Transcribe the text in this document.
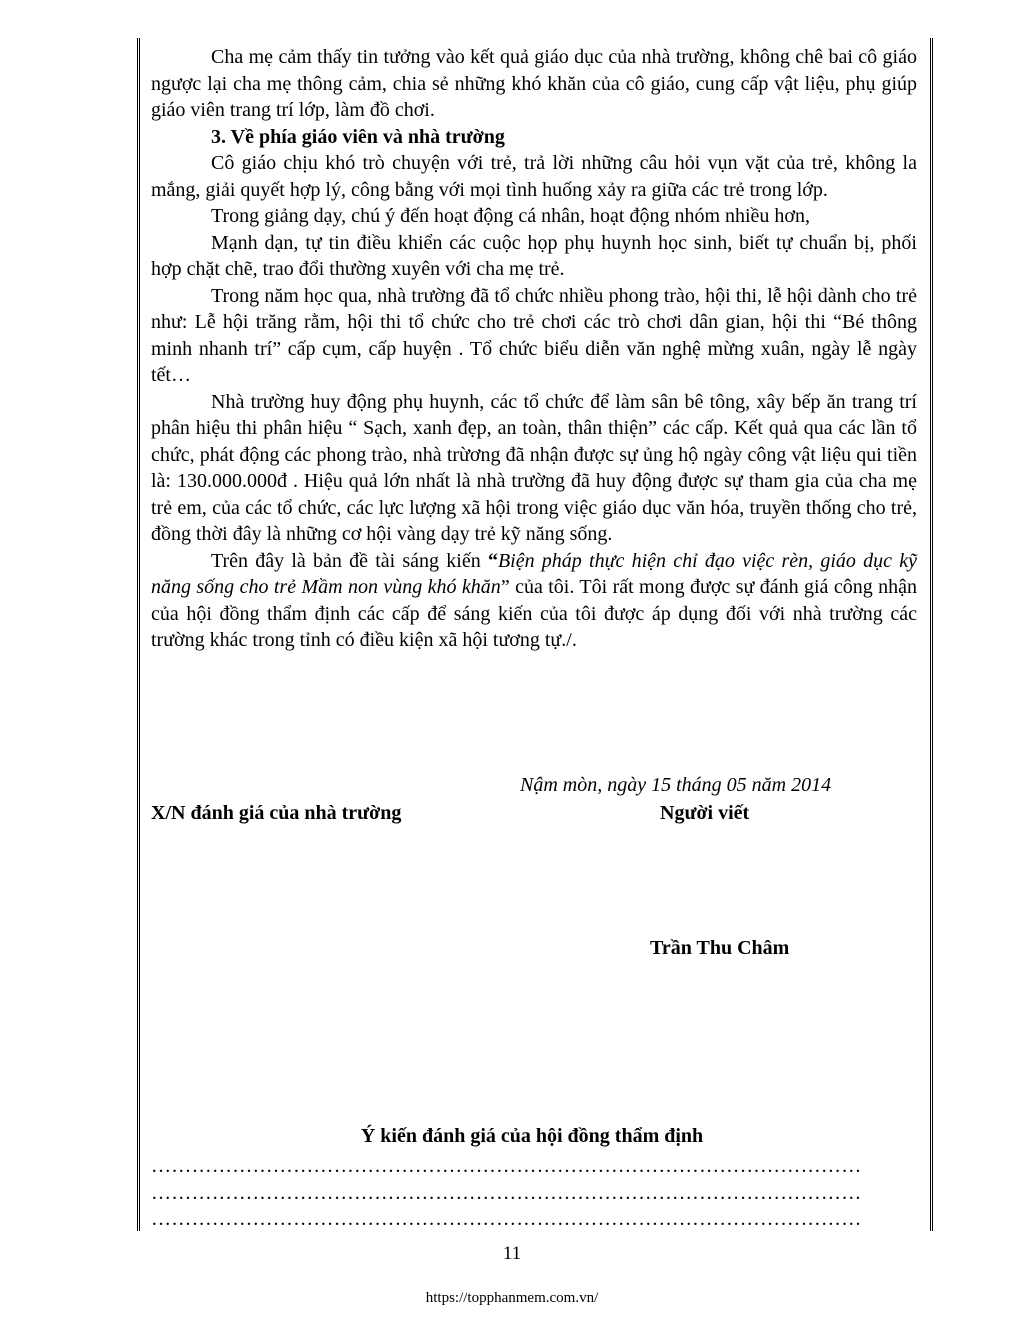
Cha mẹ cảm thấy tin tưởng vào kết quả giáo dục của nhà trường, không chê bai cô giáo ngược lại cha mẹ thông cảm, chia sẻ những khó khăn của cô giáo, cung cấp vật liệu, phụ giúp giáo viên trang trí lớp, làm đồ chơi.

3. Về phía giáo viên và nhà trường

Cô giáo chịu khó trò chuyện với trẻ, trả lời những câu hỏi vụn vặt của trẻ, không la mắng, giải quyết hợp lý, công bằng với mọi tình huống xảy ra giữa các trẻ trong lớp.

Trong giảng dạy, chú ý đến hoạt động cá nhân, hoạt động nhóm nhiều hơn,

Mạnh dạn, tự tin điều khiển các cuộc họp phụ huynh học sinh, biết tự chuẩn bị, phối hợp chặt chẽ, trao đổi thường xuyên với cha mẹ trẻ.

Trong năm học qua, nhà trường đã tổ chức nhiều phong trào, hội thi, lễ hội dành cho trẻ như: Lễ hội trăng rằm, hội thi tổ chức cho trẻ chơi các trò chơi dân gian, hội thi “Bé thông minh nhanh trí” cấp cụm, cấp huyện . Tổ chức biểu diễn văn nghệ mừng xuân, ngày lễ ngày tết…

Nhà trường huy động phụ huynh, các tổ chức để làm sân bê tông, xây bếp ăn trang trí phân hiệu thi phân hiệu “ Sạch, xanh đẹp, an toàn, thân thiện” các cấp. Kết quả qua các lần tổ chức, phát động các phong trào, nhà trừơng đã nhận được sự ủng hộ ngày công vật liệu qui tiền là: 130.000.000đ . Hiệu quả lớn nhất là nhà trường đã huy động được sự tham gia của cha mẹ trẻ em, của các tổ chức, các lực lượng xã hội trong việc giáo dục văn hóa, truyền thống cho trẻ, đồng thời đây là những cơ hội vàng dạy trẻ kỹ năng sống.

Trên đây là bản đề tài sáng kiến “Biện pháp thực hiện chỉ đạo việc rèn, giáo dục kỹ năng sống cho trẻ Mầm non vùng khó khăn” của tôi. Tôi rất mong được sự đánh giá công nhận của hội đồng thẩm định các cấp để sáng kiến của tôi được áp dụng đối với nhà trường các trường khác trong tỉnh có điều kiện xã hội tương tự./.

Nậm mòn, ngày 15 tháng 05 năm 2014
X/N đánh giá của nhà trường	Người viết
Trần Thu Châm
Ý kiến đánh giá của hội đồng thẩm định
……………………………………………………………………………………………
……………………………………………………………………………………………
……………………………………………………………………………………………
11
https://topphanmem.com.vn/
